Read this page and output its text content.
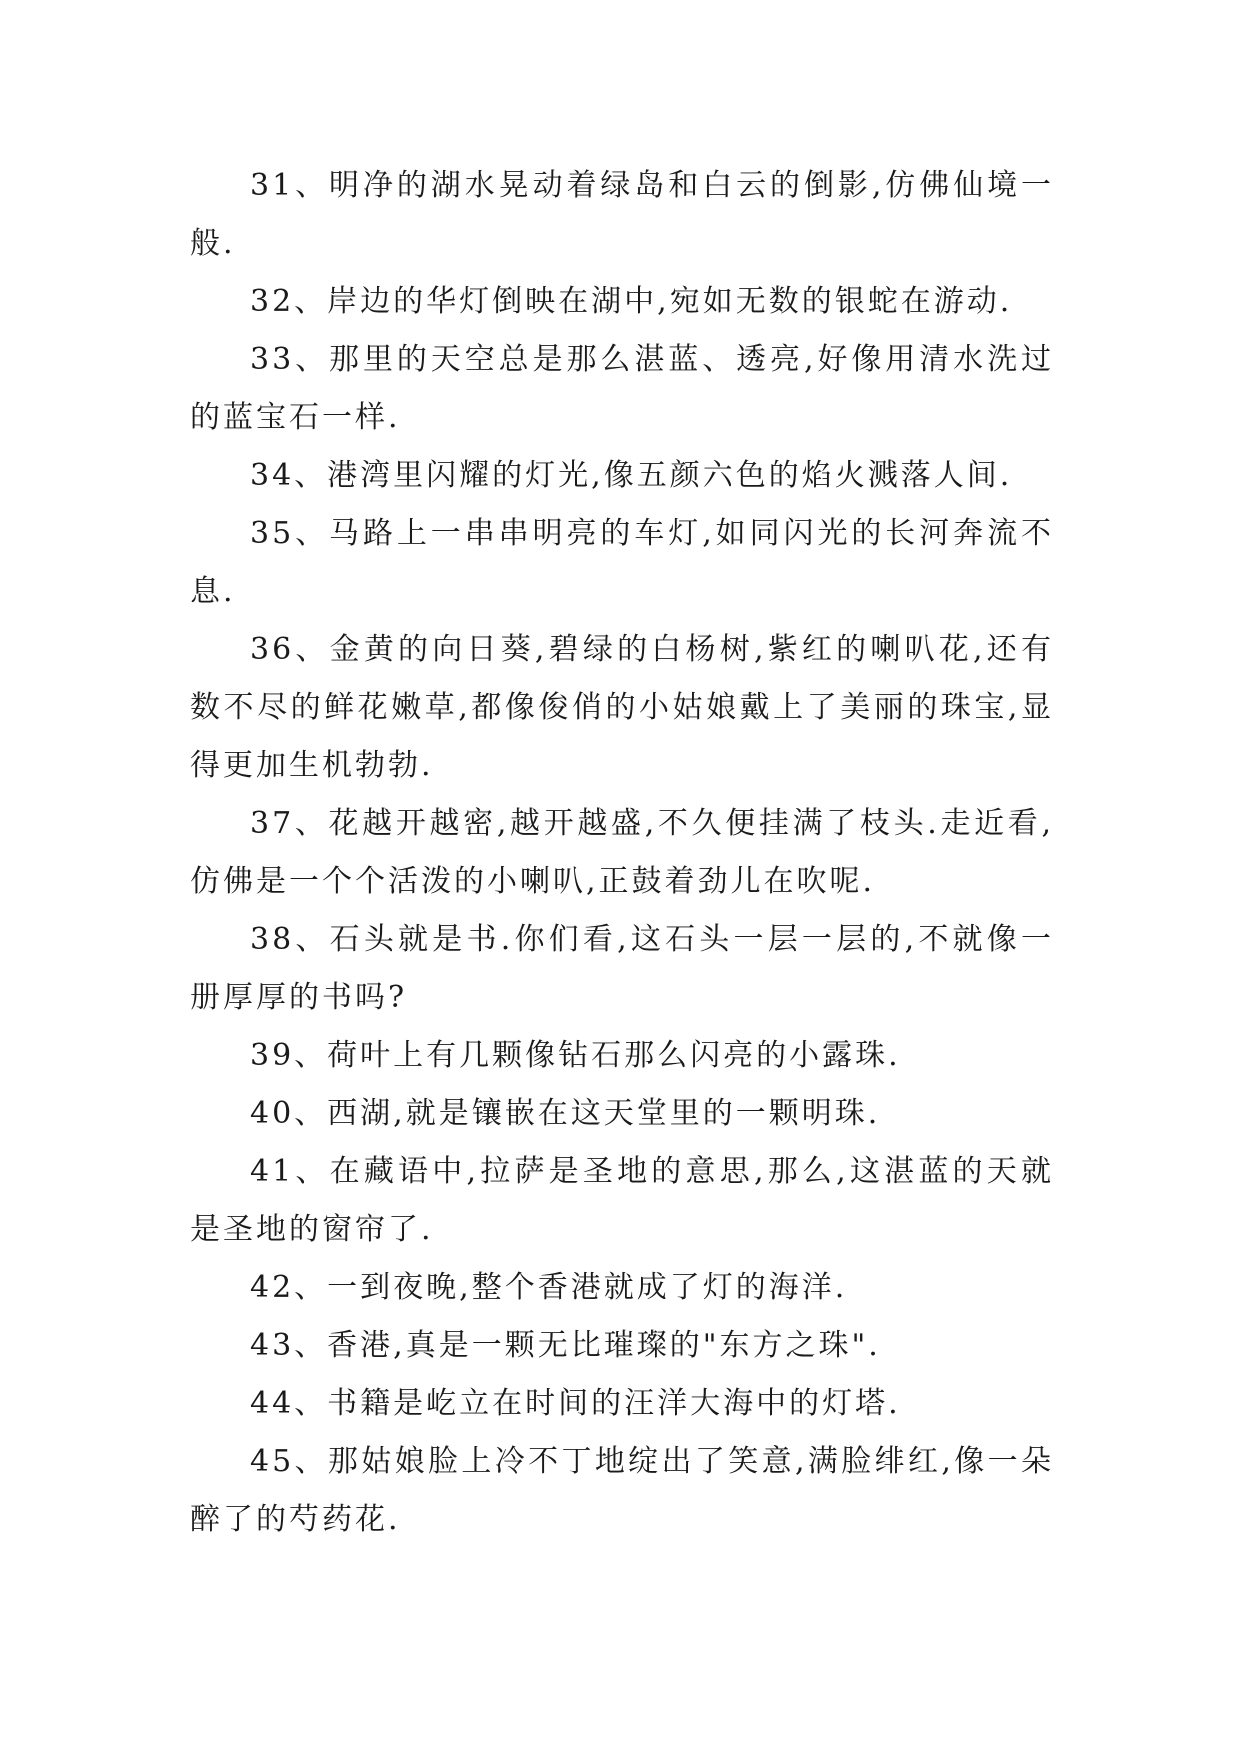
31、明净的湖水晃动着绿岛和白云的倒影,仿佛仙境一般.

32、岸边的华灯倒映在湖中,宛如无数的银蛇在游动.

33、那里的天空总是那么湛蓝、透亮,好像用清水洗过的蓝宝石一样.

34、港湾里闪耀的灯光,像五颜六色的焰火溅落人间.

35、马路上一串串明亮的车灯,如同闪光的长河奔流不息.

36、金黄的向日葵,碧绿的白杨树,紫红的喇叭花,还有数不尽的鲜花嫩草,都像俊俏的小姑娘戴上了美丽的珠宝,显得更加生机勃勃.

37、花越开越密,越开越盛,不久便挂满了枝头.走近看,仿佛是一个个活泼的小喇叭,正鼓着劲儿在吹呢.

38、石头就是书.你们看,这石头一层一层的,不就像一册厚厚的书吗?

39、荷叶上有几颗像钻石那么闪亮的小露珠.

40、西湖,就是镶嵌在这天堂里的一颗明珠.

41、在藏语中,拉萨是圣地的意思,那么,这湛蓝的天就是圣地的窗帘了.

42、一到夜晚,整个香港就成了灯的海洋.

43、香港,真是一颗无比璀璨的"东方之珠".

44、书籍是屹立在时间的汪洋大海中的灯塔.

45、那姑娘脸上冷不丁地绽出了笑意,满脸绯红,像一朵醉了的芍药花.
